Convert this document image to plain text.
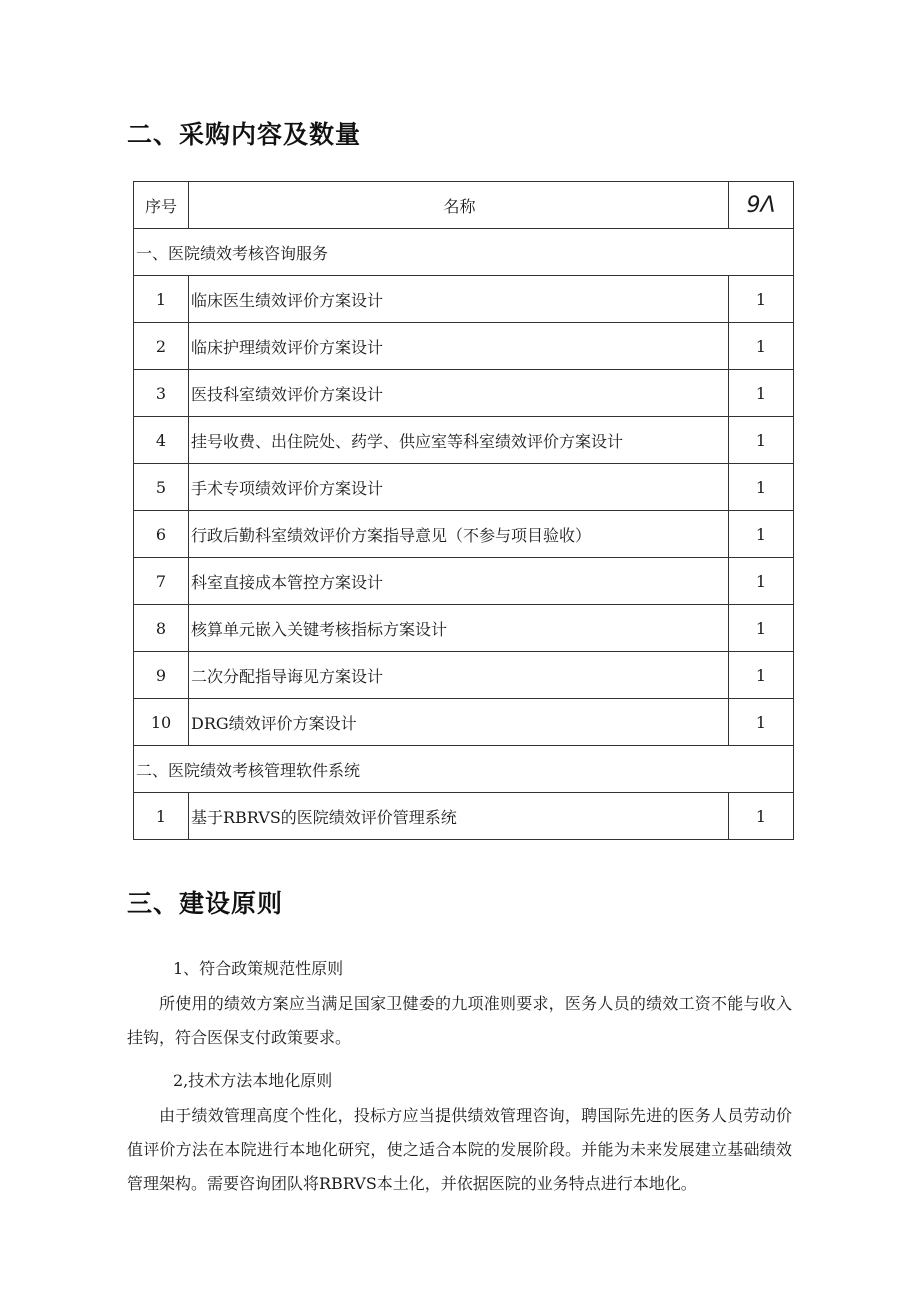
二、采购内容及数量
序号	名称	9Λ
一、医院绩效考核咨询服务		
1	临床医生绩效评价方案设计	1
2	临床护理绩效评价方案设计	1
3	医技科室绩效评价方案设计	1
4	挂号收费、出住院处、药学、供应室等科室绩效评价方案设计	1
5	手术专项绩效评价方案设计	1
6	行政后勤科室绩效评价方案指导意见（不参与项目验收）	1
7	科室直接成本管控方案设计	1
8	核算单元嵌入关键考核指标方案设计	1
9	二次分配指导诲见方案设计	1
10	DRG绩效评价方案设计	1
二、医院绩效考核管理软件系统		
1	基于RBRVS的医院绩效评价管理系统	1
三、建设原则
1、符合政策规范性原则

所使用的绩效方案应当满足国家卫健委的九项准则要求，医务人员的绩效工资不能与收入挂钩，符合医保支付政策要求。

2,技术方法本地化原则

由于绩效管理高度个性化，投标方应当提供绩效管理咨询，聘国际先进的医务人员劳动价值评价方法在本院进行本地化研究，使之适合本院的发展阶段。并能为未来发展建立基础绩效管理架构。需要咨询团队将RBRVS本土化，并依据医院的业务特点进行本地化。
